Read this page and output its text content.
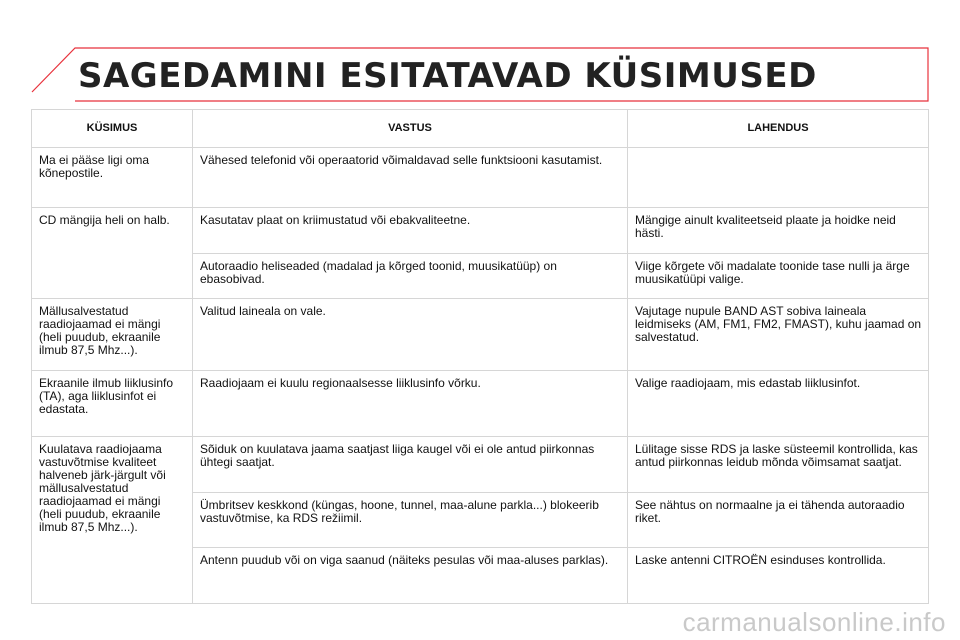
SAGEDAMINI ESITATAVAD KÜSIMUSED
KÜSIMUS	VASTUS	LAHENDUS
Ma ei pääse ligi oma kõnepostile.	Vähesed telefonid või operaatorid võimaldavad selle funktsiooni kasutamist.	
CD mängija heli on halb.	Kasutatav plaat on kriimustatud või ebakvaliteetne.	Mängige ainult kvaliteetseid plaate ja hoidke neid hästi.
	Autoraadio heliseaded (madalad ja kõrged toonid, muusikatüüp) on ebasobivad.	Viige kõrgete või madalate toonide tase nulli ja ärge muusikatüüpi valige.
Mällusalvestatud raadiojaamad ei mängi (heli puudub, ekraanile ilmub 87,5 Mhz...).	Valitud laineala on vale.	Vajutage nupule BAND AST sobiva laineala leidmiseks (AM, FM1, FM2, FMAST), kuhu jaamad on salvestatud.
Ekraanile ilmub liiklusinfo (TA), aga liiklusinfot ei edastata.	Raadiojaam ei kuulu regionaalsesse liiklusinfo võrku.	Valige raadiojaam, mis edastab liiklusinfot.
Kuulatava raadiojaama vastuvõtmise kvaliteet halveneb järk-järgult või mällusalvestatud raadiojaamad ei mängi (heli puudub, ekraanile ilmub 87,5 Mhz...).	Sõiduk on kuulatava jaama saatjast liiga kaugel või ei ole antud piirkonnas ühtegi saatjat.	Lülitage sisse RDS ja laske süsteemil kontrollida, kas antud piirkonnas leidub mõnda võimsamat saatjat.
	Ümbritsev keskkond (küngas, hoone, tunnel, maa-alune parkla...) blokeerib vastuvõtmise, ka RDS režiimil.	See nähtus on normaalne ja ei tähenda autoraadio riket.
	Antenn puudub või on viga saanud (näiteks pesulas või maa-aluses parklas).	Laske antenni CITROËN esinduses kontrollida.
carmanualsonline.info
